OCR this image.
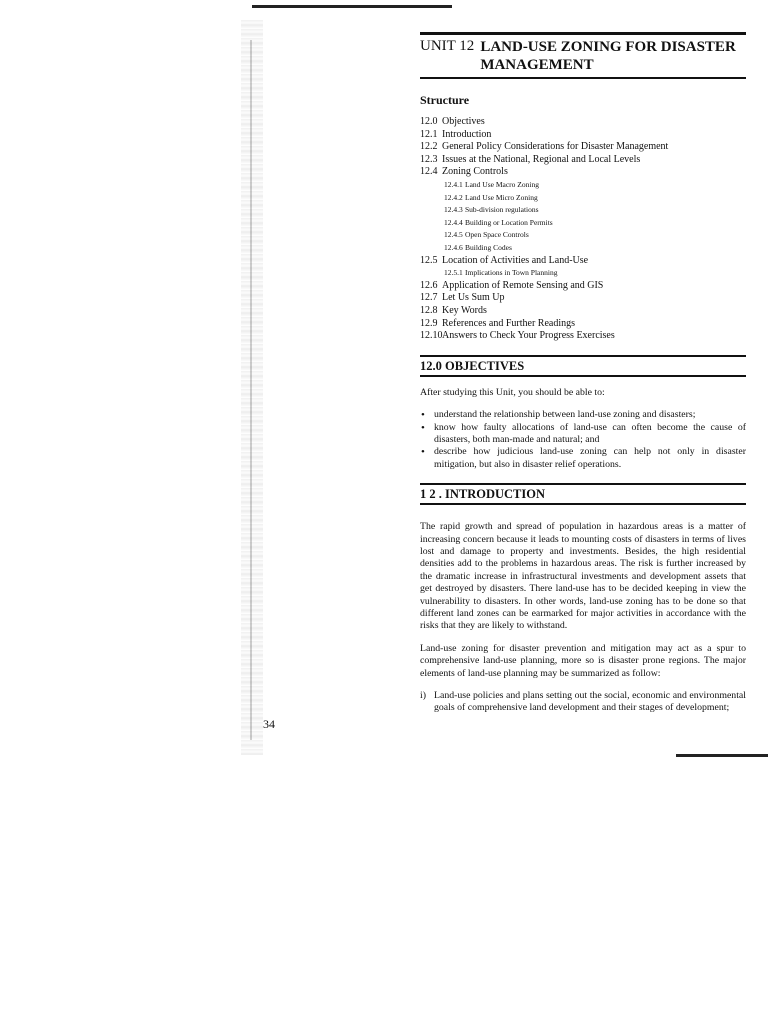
34
UNIT 12 LAND-USE ZONING FOR DISASTER
MANAGEMENT
Structure
12.0 Objectives
12.1 Introduction
12.2 General Policy Considerations for Disaster Management
12.3 Issues at the National, Regional and Local Levels
12.4 Zoning Controls
12.4.1 Land Use Macro Zoning
12.4.2 Land Use Micro Zoning
12.4.3 Sub-division regulations
12.4.4 Building or Location Permits
12.4.5 Open Space Controls
12.4.6 Building Codes
12.5 Location of Activities and Land-Use
12.5.1 Implications in Town Planning
12.6 Application of Remote Sensing and GIS
12.7 Let Us Sum Up
12.8 Key Words
12.9 References and Further Readings
12.10 Answers to Check Your Progress Exercises
12.0 OBJECTIVES

After studying this Unit, you should be able to:

• understand the relationship between land-use zoning and disasters;
• know how faulty allocations of land-use can often become the cause of disasters, both man-made and natural; and
• describe how judicious land-use zoning can help not only in disaster mitigation, but also in disaster relief operations.
1 2 . INTRODUCTION

The rapid growth and spread of population in hazardous areas is a matter of increasing concern because it leads to mounting costs of disasters in terms of lives lost and damage to property and investments. Besides, the high residential densities add to the problems in hazardous areas. The risk is further increased by the dramatic increase in infrastructural investments and development assets that get destroyed by disasters. There land-use has to be decided keeping in view the vulnerability to disasters. In other words, land-use zoning has to be done so that different land zones can be earmarked for major activities in accordance with the risks that they are likely to withstand.

Land-use zoning for disaster prevention and mitigation may act as a spur to comprehensive land-use planning, more so is disaster prone regions. The major elements of land-use planning may be summarized as follow:

i) Land-use policies and plans setting out the social, economic and environmental goals of comprehensive land development and their stages of development;
